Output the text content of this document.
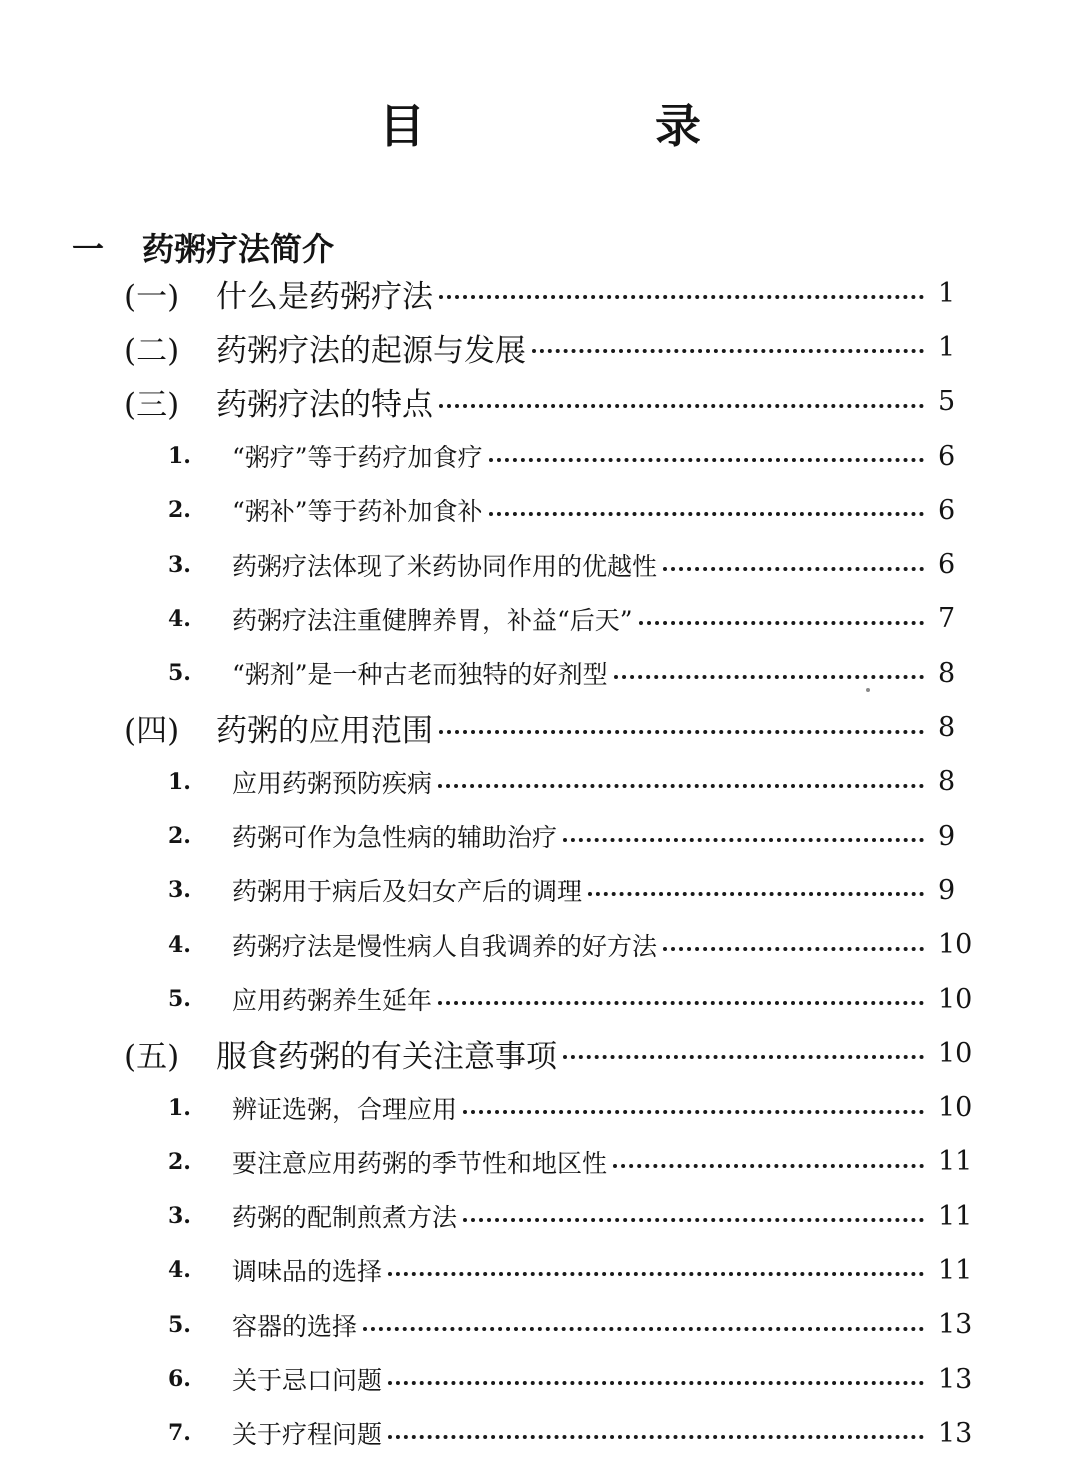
目　录
一	药粥疗法简介
(一)	什么是药粥疗法	1
(二)	药粥疗法的起源与发展	1
(三)	药粥疗法的特点	5
1.	“粥疗”等于药疗加食疗	6
2.	“粥补”等于药补加食补	6
3.	药粥疗法体现了米药协同作用的优越性	6
4.	药粥疗法注重健脾养胃，补益“后天”	7
5.	“粥剂”是一种古老而独特的好剂型	8
(四)	药粥的应用范围	8
1.	应用药粥预防疾病	8
2.	药粥可作为急性病的辅助治疗	9
3.	药粥用于病后及妇女产后的调理	9
4.	药粥疗法是慢性病人自我调养的好方法	10
5.	应用药粥养生延年	10
(五)	服食药粥的有关注意事项	10
1.	辨证选粥，合理应用	10
2.	要注意应用药粥的季节性和地区性	11
3.	药粥的配制煎煮方法	11
4.	调味品的选择	11
5.	容器的选择	13
6.	关于忌口问题	13
7.	关于疗程问题	13
